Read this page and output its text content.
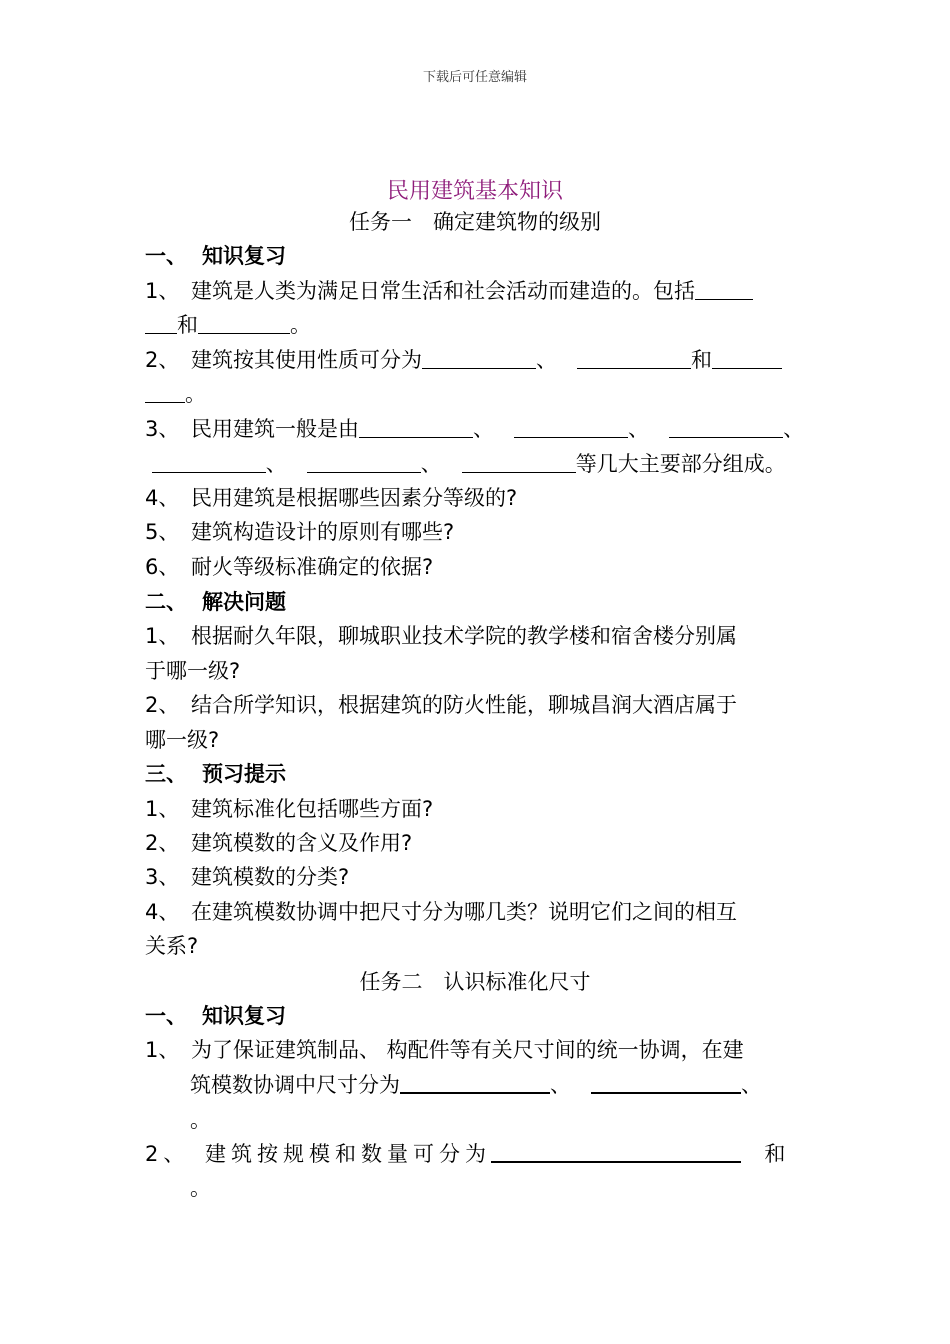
下载后可任意编辑
民用建筑基本知识
任务一　确定建筑物的级别
一、 知识复习
1、 建筑是人类为满足日常生活和社会活动而建造的。包括
和	。
2、 建筑按其使用性质可分为	、	和
。
3、 民用建筑一般是由	、	、	、
、	、	等几大主要部分组成。
4、 民用建筑是根据哪些因素分等级的?
5、 建筑构造设计的原则有哪些?
6、 耐火等级标准确定的依据?
二、 解决问题
1、 根据耐久年限，聊城职业技术学院的教学楼和宿舍楼分别属
于哪一级?
2、 结合所学知识，根据建筑的防火性能，聊城昌润大酒店属于
哪一级?
三、 预习提示
1、 建筑标准化包括哪些方面?
2、 建筑模数的含义及作用?
3、 建筑模数的分类?
4、 在建筑模数协调中把尺寸分为哪几类？说明它们之间的相互
关系?
任务二　认识标准化尺寸
一、 知识复习
1、 为了保证建筑制品、 构配件等有关尺寸间的统一协调，在建
筑模数协调中尺寸分为	、	、
。
2、 建筑按规模和数量可分为	和
。
